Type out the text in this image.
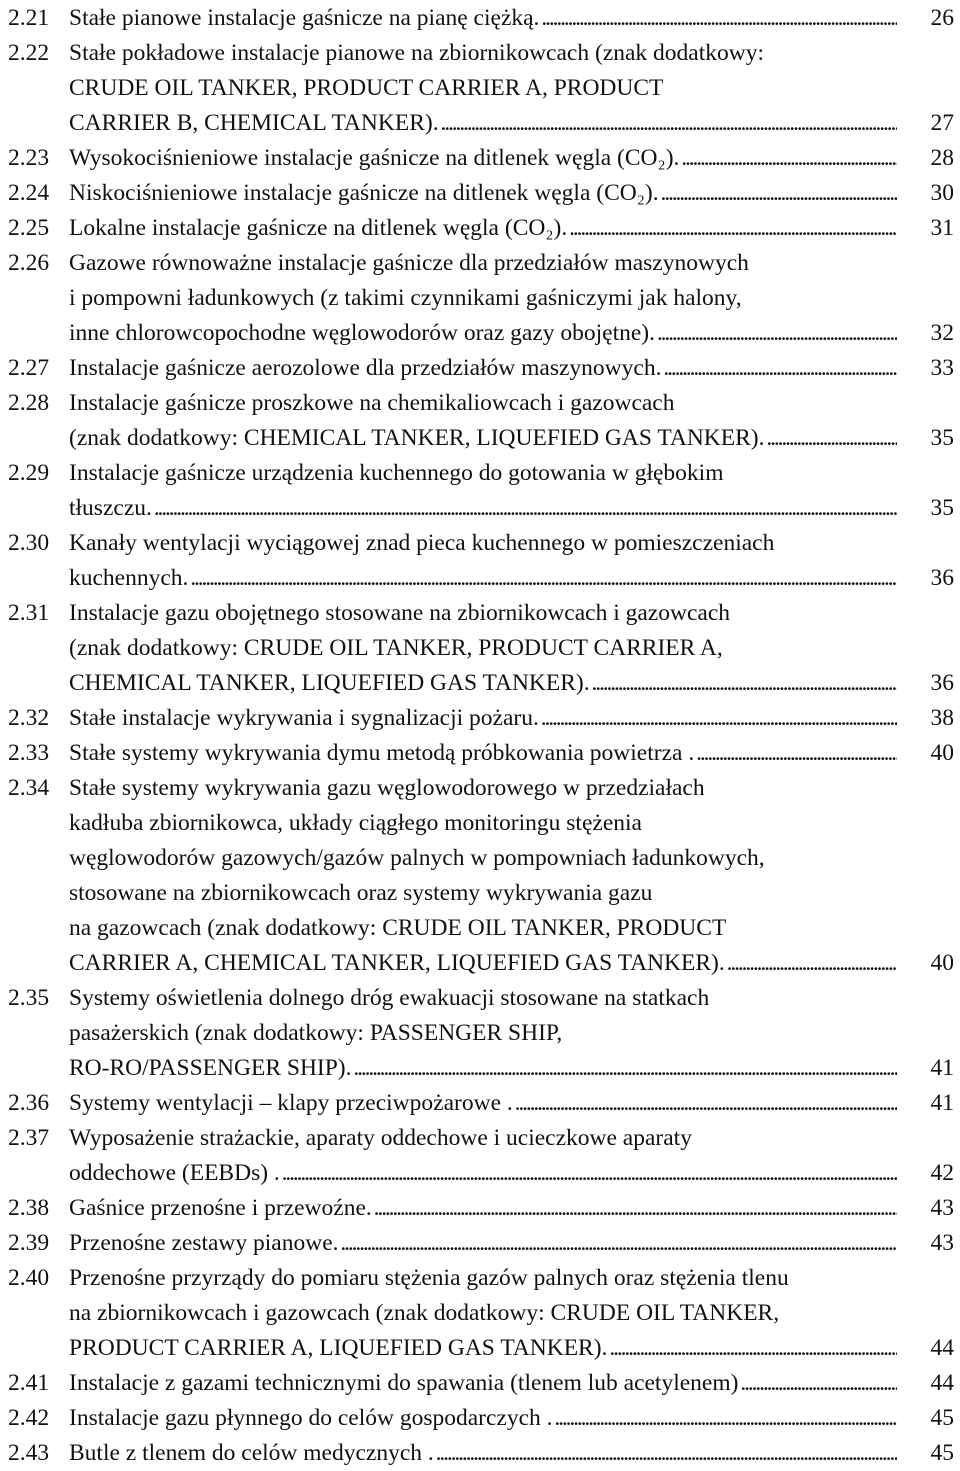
2.21 Stałe pianowe instalacje gaśnicze na pianę ciężką. . . .	26
2.22 Stałe pokładowe instalacje pianowe na zbiornikowcach (znak dodatkowy:
CRUDE OIL TANKER, PRODUCT CARRIER A, PRODUCT
CARRIER B, CHEMICAL TANKER). . . .	27
2.23 Wysokociśnieniowe instalacje gaśnicze na ditlenek węgla (CO₂). . . .	28
2.24 Niskociśnieniowe instalacje gaśnicze na ditlenek węgla (CO₂). . . .	30
2.25 Lokalne instalacje gaśnicze na ditlenek węgla (CO₂). . . .	31
2.26 Gazowe równoważne instalacje gaśnicze dla przedziałów maszynowych
i pompowni ładunkowych (z takimi czynnikami gaśniczymi jak halony,
inne chlorowcopochodne węglowodorów oraz gazy obojętne). . . .	32
2.27 Instalacje gaśnicze aerozolowe dla przedziałów maszynowych. . . .	33
2.28 Instalacje gaśnicze proszkowe na chemikaliowcach i gazowcach
(znak dodatkowy: CHEMICAL TANKER, LIQUEFIED GAS TANKER). . . .	35
2.29 Instalacje gaśnicze urządzenia kuchennego do gotowania w głębokim
tłuszczu. . . .	35
2.30 Kanały wentylacji wyciągowej znad pieca kuchennego w pomieszczeniach
kuchennych. . . .	36
2.31 Instalacje gazu obojętnego stosowane na zbiornikowcach i gazowcach
(znak dodatkowy: CRUDE OIL TANKER, PRODUCT CARRIER A,
CHEMICAL TANKER, LIQUEFIED GAS TANKER). . . .	36
2.32 Stałe instalacje wykrywania i sygnalizacji pożaru. . . .	38
2.33 Stałe systemy wykrywania dymu metodą próbkowania powietrza . . . .	40
2.34 Stałe systemy wykrywania gazu węglowodorowego w przedziałach
kadłuba zbiornikowca, układy ciągłego monitoringu stężenia
węglowodorów gazowych/gazów palnych w pompowniach ładunkowych,
stosowane na zbiornikowcach oraz systemy wykrywania gazu
na gazowcach (znak dodatkowy: CRUDE OIL TANKER, PRODUCT
CARRIER A, CHEMICAL TANKER, LIQUEFIED GAS TANKER). . . .	40
2.35 Systemy oświetlenia dolnego dróg ewakuacji stosowane na statkach
pasażerskich (znak dodatkowy: PASSENGER SHIP,
RO-RO/PASSENGER SHIP). . . .	41
2.36 Systemy wentylacji – klapy przeciwpożarowe . . . .	41
2.37 Wyposażenie strażackie, aparaty oddechowe i ucieczkowe aparaty
oddechowe (EEBDs) . . . .	42
2.38 Gaśnice przenośne i przewoźne. . . .	43
2.39 Przenośne zestawy pianowe. . . .	43
2.40 Przenośne przyrządy do pomiaru stężenia gazów palnych oraz stężenia tlenu
na zbiornikowcach i gazowcach (znak dodatkowy: CRUDE OIL TANKER,
PRODUCT CARRIER A, LIQUEFIED GAS TANKER). . . .	44
2.41 Instalacje z gazami technicznymi do spawania (tlenem lub acetylenem) . . .	44
2.42 Instalacje gazu płynnego do celów gospodarczych . . . .	45
2.43 Butle z tlenem do celów medycznych . . . .	45
